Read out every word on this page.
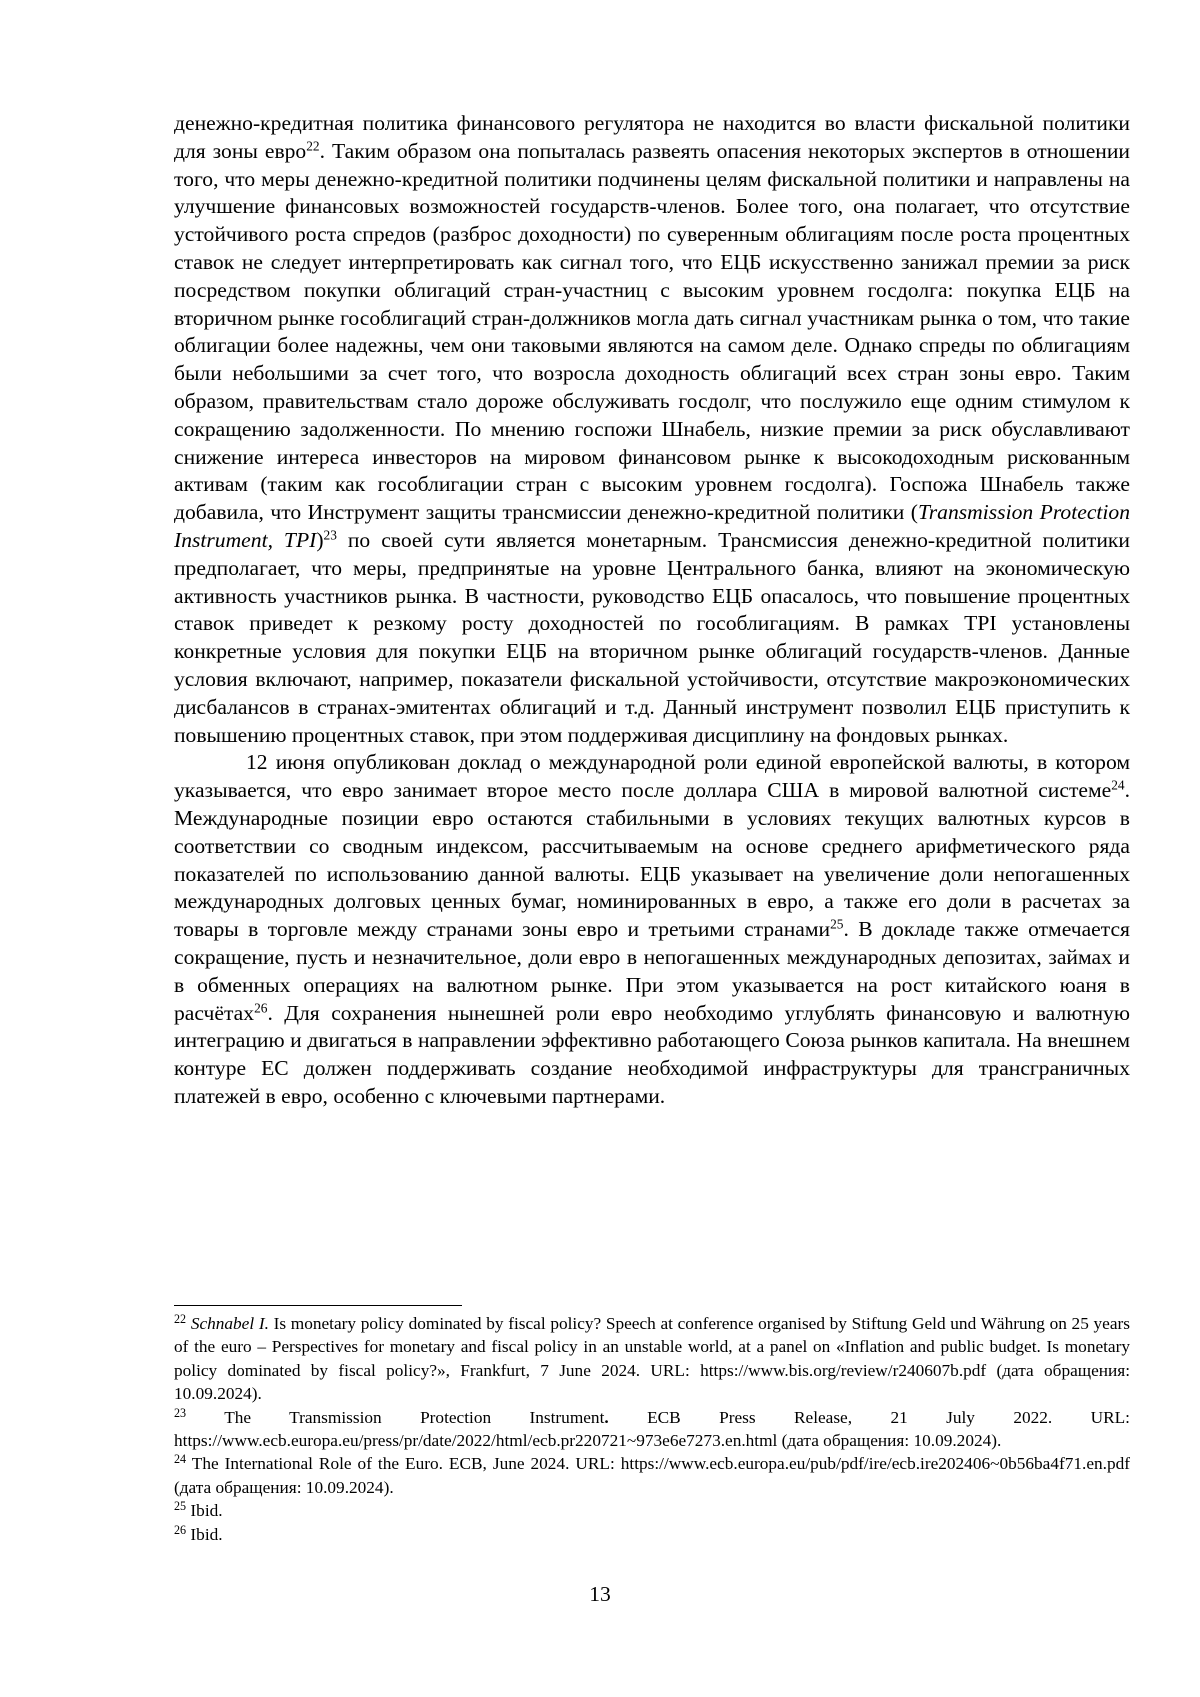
денежно-кредитная политика финансового регулятора не находится во власти фискальной политики для зоны евро$^{22}$. Таким образом она попыталась развеять опасения некоторых экспертов в отношении того, что меры денежно-кредитной политики подчинены целям фискальной политики и направлены на улучшение финансовых возможностей государств-членов. Более того, она полагает, что отсутствие устойчивого роста спредов (разброс доходности) по суверенным облигациям после роста процентных ставок не следует интерпретировать как сигнал того, что ЕЦБ искусственно занижал премии за риск посредством покупки облигаций стран-участниц с высоким уровнем госдолга: покупка ЕЦБ на вторичном рынке гособлигаций стран-должников могла дать сигнал участникам рынка о том, что такие облигации более надежны, чем они таковыми являются на самом деле. Однако спреды по облигациям были небольшими за счет того, что возросла доходность облигаций всех стран зоны евро. Таким образом, правительствам стало дороже обслуживать госдолг, что послужило еще одним стимулом к сокращению задолженности. По мнению госпожи Шнабель, низкие премии за риск обуславливают снижение интереса инвесторов на мировом финансовом рынке к высокодоходным рискованным активам (таким как гособлигации стран с высоким уровнем госдолга). Госпожа Шнабель также добавила, что Инструмент защиты трансмиссии денежно-кредитной политики (Transmission Protection Instrument, TPI)$^{23}$ по своей сути является монетарным. Трансмиссия денежно-кредитной политики предполагает, что меры, предпринятые на уровне Центрального банка, влияют на экономическую активность участников рынка. В частности, руководство ЕЦБ опасалось, что повышение процентных ставок приведет к резкому росту доходностей по гособлигациям. В рамках TPI установлены конкретные условия для покупки ЕЦБ на вторичном рынке облигаций государств-членов. Данные условия включают, например, показатели фискальной устойчивости, отсутствие макроэкономических дисбалансов в странах-эмитентах облигаций и т.д. Данный инструмент позволил ЕЦБ приступить к повышению процентных ставок, при этом поддерживая дисциплину на фондовых рынках.

12 июня опубликован доклад о международной роли единой европейской валюты, в котором указывается, что евро занимает второе место после доллара США в мировой валютной системе$^{24}$. Международные позиции евро остаются стабильными в условиях текущих валютных курсов в соответствии со сводным индексом, рассчитываемым на основе среднего арифметического ряда показателей по использованию данной валюты. ЕЦБ указывает на увеличение доли непогашенных международных долговых ценных бумаг, номинированных в евро, а также его доли в расчетах за товары в торговле между странами зоны евро и третьими странами$^{25}$. В докладе также отмечается сокращение, пусть и незначительное, доли евро в непогашенных международных депозитах, займах и в обменных операциях на валютном рынке. При этом указывается на рост китайского юаня в расчётах$^{26}$. Для сохранения нынешней роли евро необходимо углублять финансовую и валютную интеграцию и двигаться в направлении эффективно работающего Союза рынков капитала. На внешнем контуре ЕС должен поддерживать создание необходимой инфраструктуры для трансграничных платежей в евро, особенно с ключевыми партнерами.

$^{22}$ Schnabel I. Is monetary policy dominated by fiscal policy? Speech at conference organised by Stiftung Geld und Währung on 25 years of the euro – Perspectives for monetary and fiscal policy in an unstable world, at a panel on «Inflation and public budget. Is monetary policy dominated by fiscal policy?», Frankfurt, 7 June 2024. URL: https://www.bis.org/review/r240607b.pdf (дата обращения: 10.09.2024).

$^{23}$ The Transmission Protection Instrument. ECB Press Release, 21 July 2022. URL: https://www.ecb.europa.eu/press/pr/date/2022/html/ecb.pr220721~973e6e7273.en.html (дата обращения: 10.09.2024).

$^{24}$ The International Role of the Euro. ECB, June 2024. URL: https://www.ecb.europa.eu/pub/pdf/ire/ecb.ire202406~0b56ba4f71.en.pdf (дата обращения: 10.09.2024).

$^{25}$ Ibid.

$^{26}$ Ibid.

13
